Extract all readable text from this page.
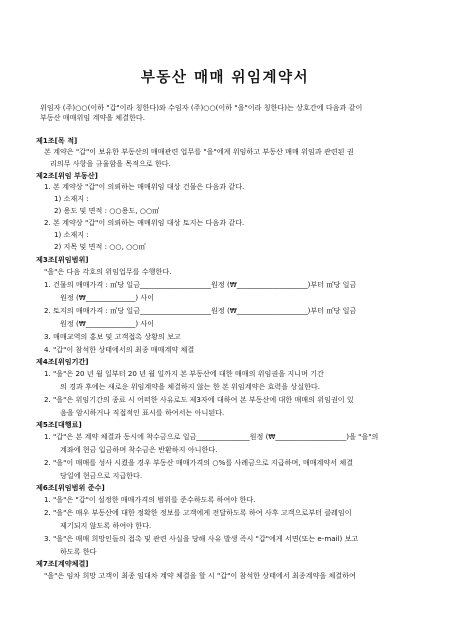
부동산 매매 위임계약서
위임자 (주)○○(이하 "갑"이라 칭한다)와 수임자 (주)○○(이하 "을"이라 칭한다)는 상호간에 다음과 같이
부동산 매매위임 계약을 체결한다.
제1조[목 적]
본 계약은 "갑"이 보유한 부동산의 매매관련 업무를 "을"에게 위임하고 부동산 매매 위임과 관련된 권
리의무 사항을 규율함을 목적으로 한다.
제2조[위임 부동산]
1. 본 계약상 "갑"이 의뢰하는 매매위임 대상 건물은 다음과 같다.
1) 소재지 :
2) 용도 및 면적 : ○○용도, ○○㎡
2. 본 계약상 "갑"이 의뢰하는 매매위임 대상 토지는 다음과 같다.
1) 소재지 :
2) 지목 및 면적 : ○○, ○○㎡
제3조[위임범위]
"을"은 다음 각호의 위임업무를 수행한다.
1. 건물의 매매가격 : ㎡당 일금____________________원정 (₩____________________)부터 ㎡당 일금
원정 (₩______________) 사이
2. 토지의 매매가격 : ㎡당 일금____________________원정 (₩____________________)부터 ㎡당 일금
원정 (₩______________) 사이
3. 매매교역의 홍보 및 고객접촉 상황의 보고
4. "갑"이 참석한 상태에서의 최종 매매계약 체결
제4조[위임기간]
1. "을"은 20 년 월 일부터 20 년 월 일까지 본 부동산에 대한 매매의 위임권을 지니며 기간
의 경과 후에는 새로운 위임계약을 체결하지 않는 한 본 위임계약은 효력을 상실한다.
2. "을"은 위임기간의 종료 시 어떠한 사유로도 제3자에 대하여 본 부동산에 대한 매매의 위임권이 있
음을 암시하거나 직접적인 표시를 하여서는 아니된다.
제5조[대행료]
1. "갑"은 본 계약 체결과 동시에 착수금으로 일금_______________원정 (₩____________________)을 "을"의
계좌에 현금 입금하며 착수금은 반환하지 아니한다.
2. "을"이 매매를 성사 시켰을 경우 부동산 매매가격의 ○%를 사례금으로 지급하며, 매매계약서 체결
당일에 현금으로 지급한다.
제6조[위임범위 준수]
1. "을"은 "갑"이 설정한 매매가격의 범위를 준수하도록 하여야 한다.
2. "을"은 매우 부동산에 대한 정확한 정보를 고객에게 전달하도록 하여 사후 고객으로부터 클레임이
제기되지 않도록 하여야 한다.
3. "을"은 매매 희망인들의 접촉 및 관련 사실을 당해 사유 발생 즉시 "갑"에게 서면(또는 e-mail) 보고
하도록 한다
제7조[계약체결]
"을"은 임차 희망 고객이 최종 임대차 계약 체결을 할 시 "갑"이 참석한 상태에서 최종계약을 체결하여
